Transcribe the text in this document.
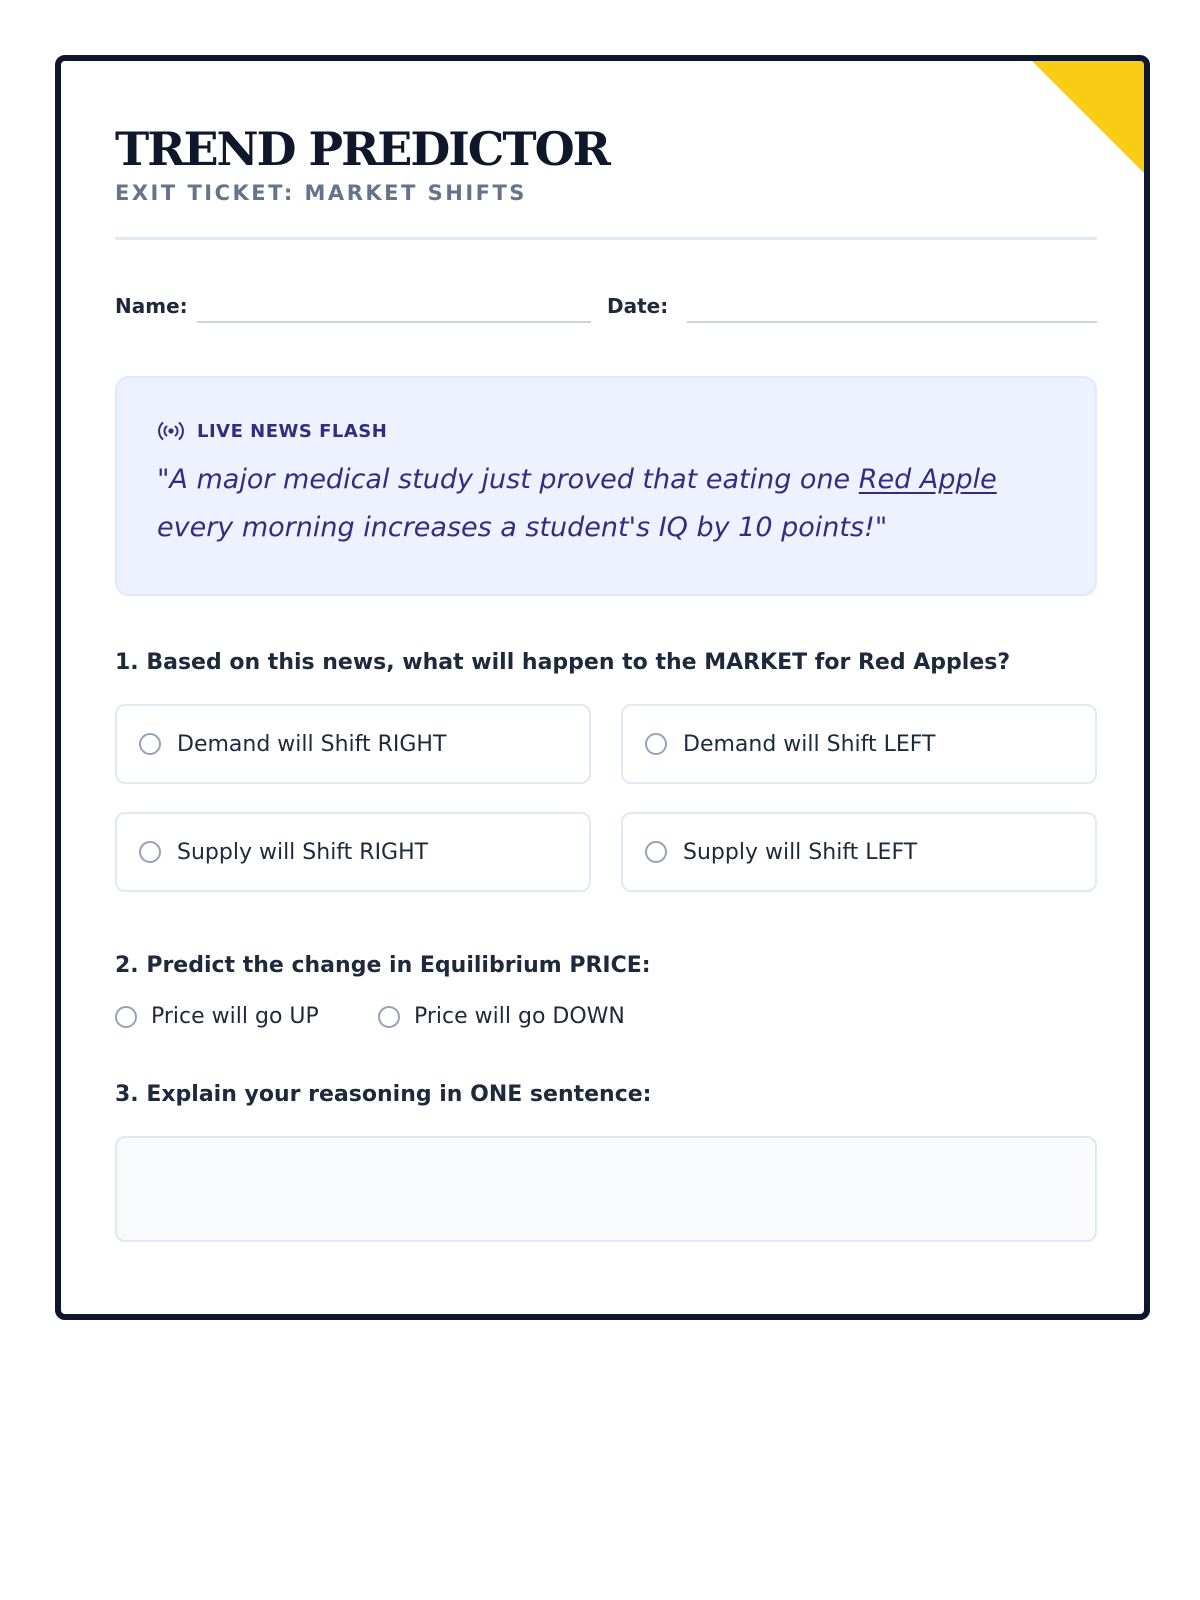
TREND PREDICTOR
EXIT TICKET: MARKET SHIFTS
Name:	Date:
LIVE NEWS FLASH
"A major medical study just proved that eating one Red Apple every morning increases a student's IQ by 10 points!"
1. Based on this news, what will happen to the MARKET for Red Apples?
Demand will Shift RIGHT	Demand will Shift LEFT
Supply will Shift RIGHT	Supply will Shift LEFT
2. Predict the change in Equilibrium PRICE:
Price will go UP	Price will go DOWN
3. Explain your reasoning in ONE sentence:
